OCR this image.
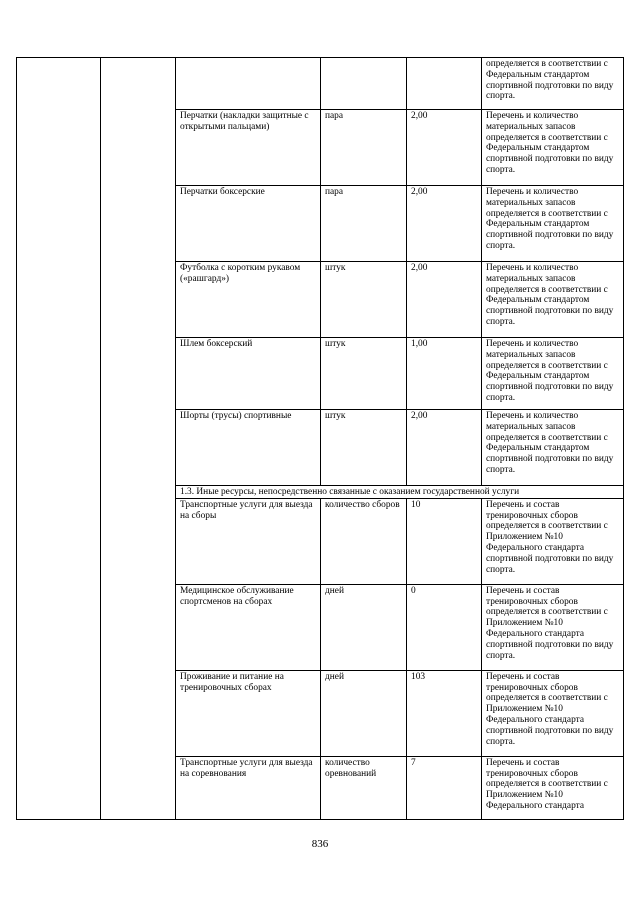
					определяется в соответствии с Федеральным стандартом спортивной подготовки по виду спорта.
		Перчатки (накладки защитные с открытыми пальцами)	пара	2,00	Перечень и количество материальных запасов определяется в соответствии с Федеральным стандартом спортивной подготовки по виду спорта.
		Перчатки боксерские	пара	2,00	Перечень и количество материальных запасов определяется в соответствии с Федеральным стандартом спортивной подготовки по виду спорта.
		Футболка с коротким рукавом («рашгард»)	штук	2,00	Перечень и количество материальных запасов определяется в соответствии с Федеральным стандартом спортивной подготовки по виду спорта.
		Шлем боксерский	штук	1,00	Перечень и количество материальных запасов определяется в соответствии с Федеральным стандартом спортивной подготовки по виду спорта.
		Шорты (трусы) спортивные	штук	2,00	Перечень и количество материальных запасов определяется в соответствии с Федеральным стандартом спортивной подготовки по виду спорта.
		1.3. Иные ресурсы, непосредственно связанные с оказанием государственной услуги			
		Транспортные услуги для выезда на сборы	количество сборов	10	Перечень и состав тренировочных сборов определяется в соответствии с Приложением №10 Федерального стандарта спортивной подготовки по виду спорта.
		Медицинское обслуживание спортсменов на сборах	дней	0	Перечень и состав тренировочных сборов определяется в соответствии с Приложением №10 Федерального стандарта спортивной подготовки по виду спорта.
		Проживание и питание на тренировочных сборах	дней	103	Перечень и состав тренировочных сборов определяется в соответствии с Приложением №10 Федерального стандарта спортивной подготовки по виду спорта.
		Транспортные услуги для выезда на соревнования	количество оревнований	7	Перечень и состав тренировочных сборов определяется в соответствии с Приложением №10 Федерального стандарта
836
